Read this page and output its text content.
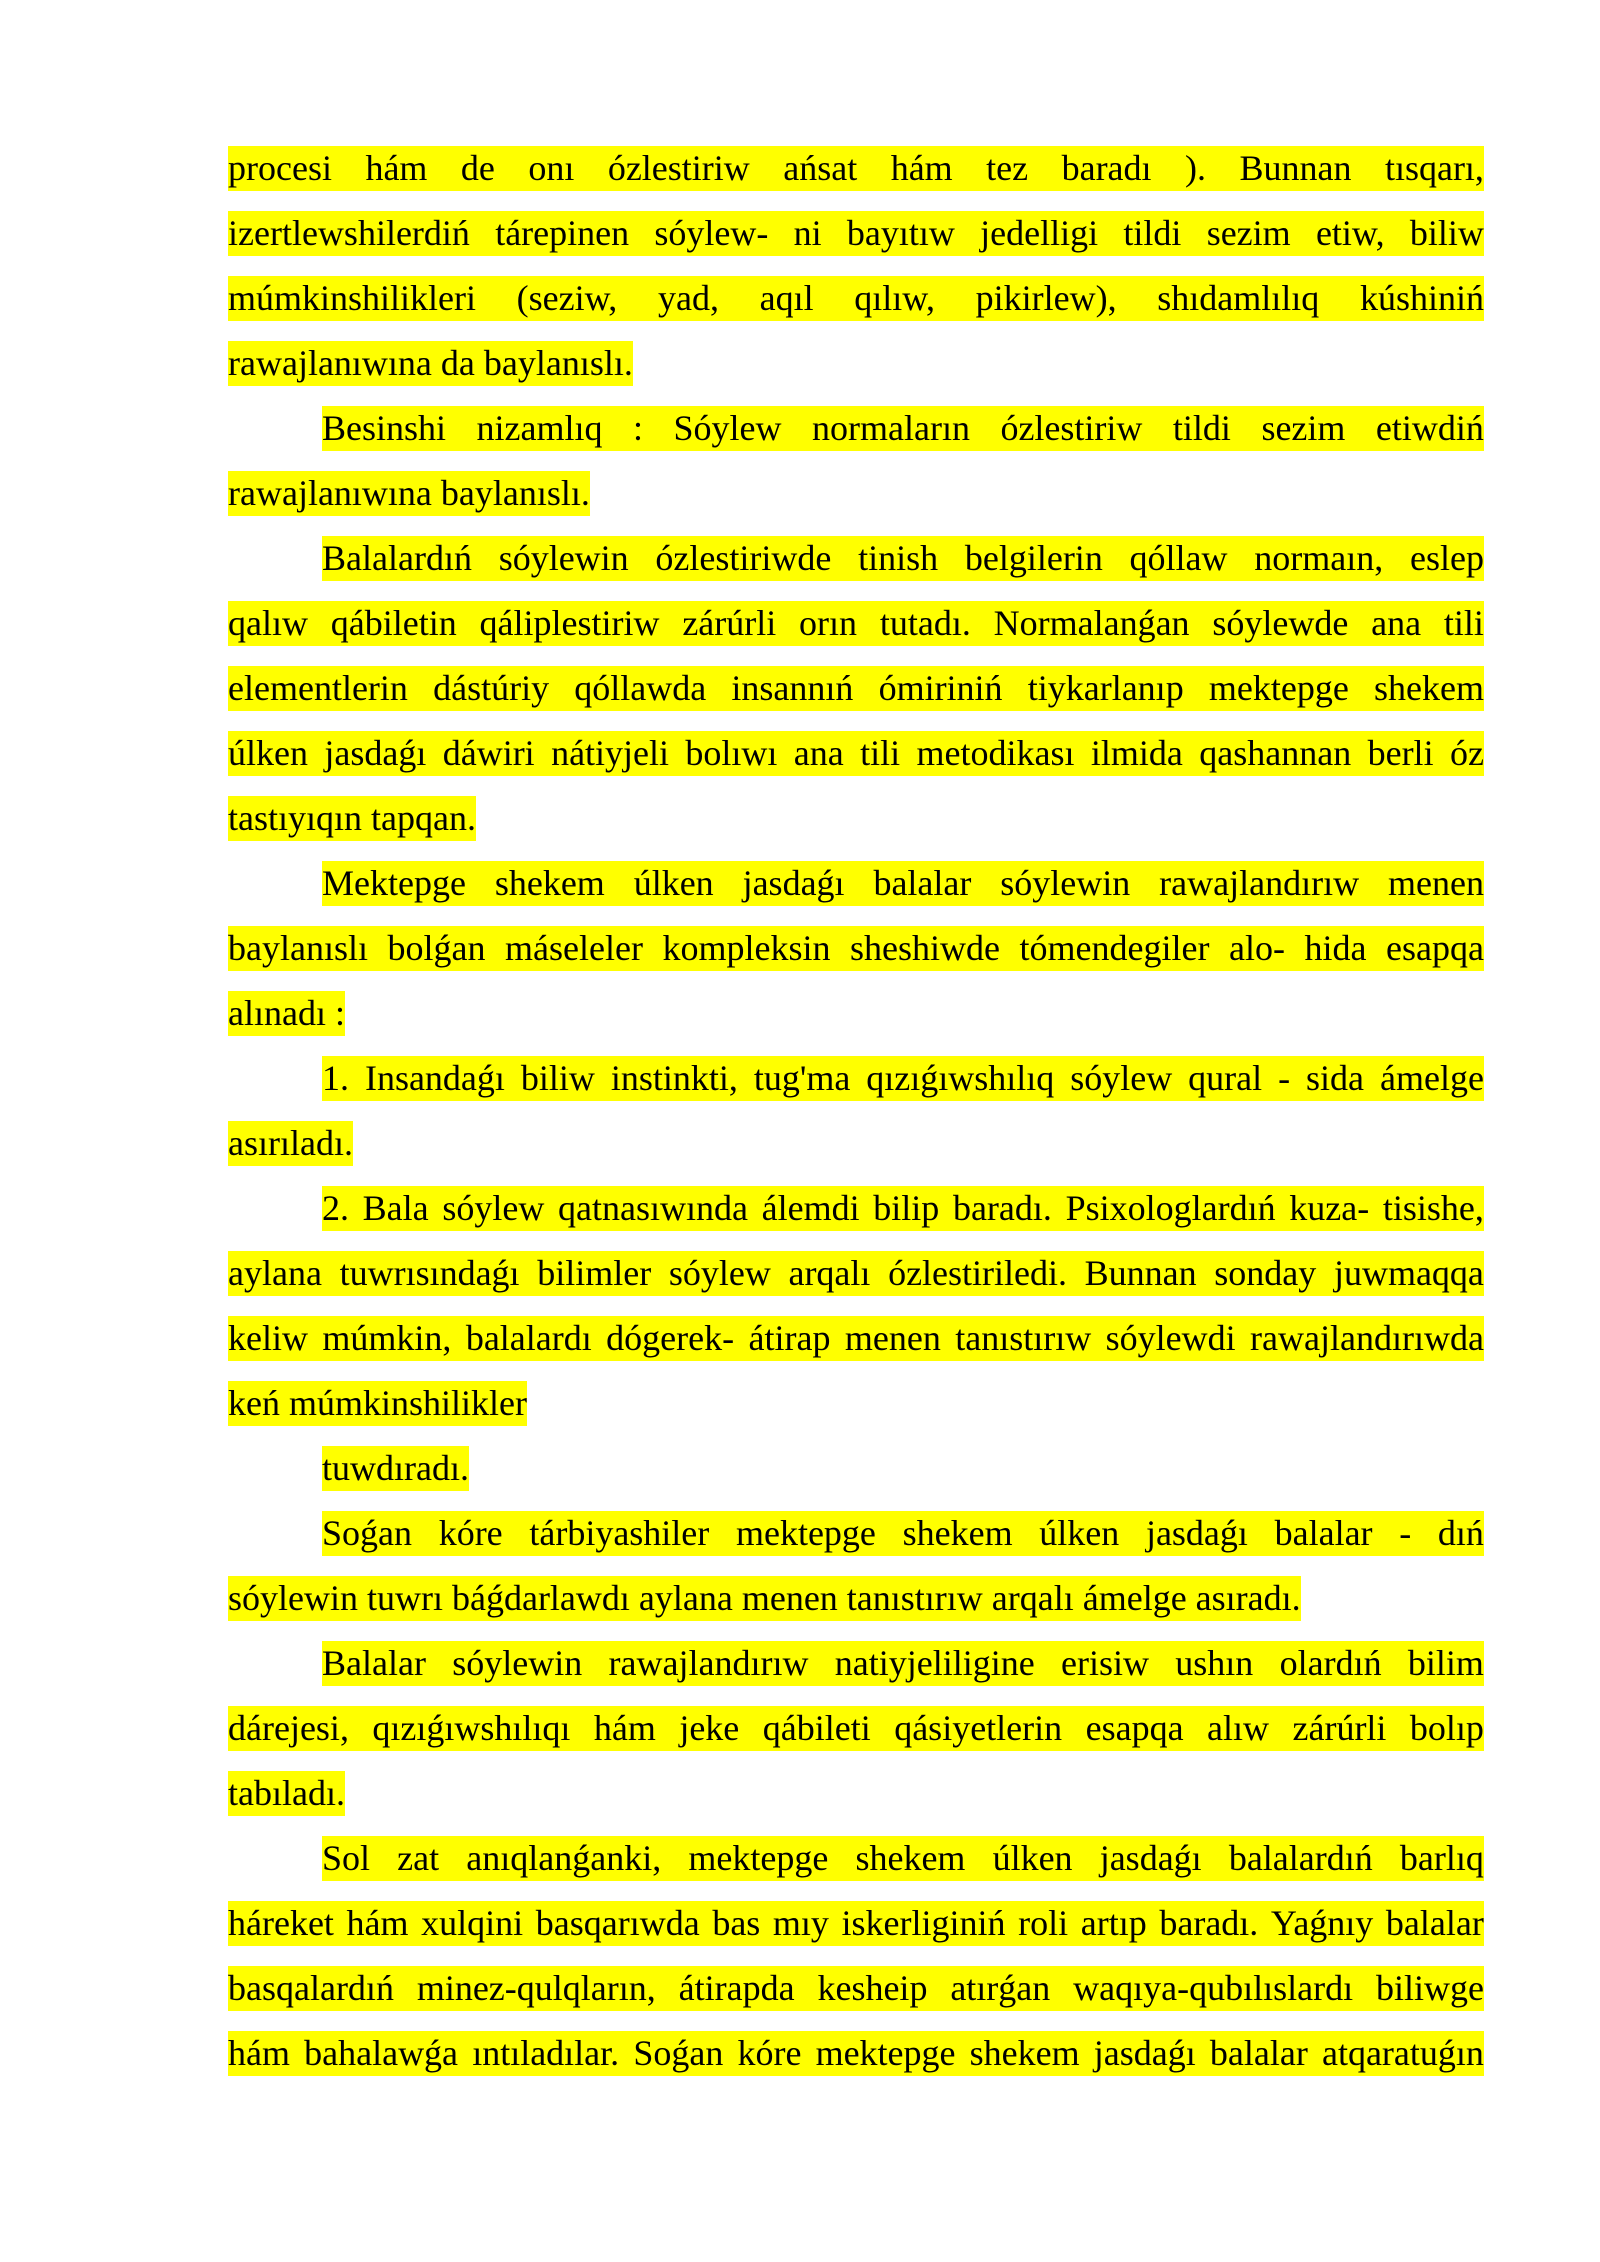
procesi hám de onı ózlestiriw ańsat hám tez baradı ). Bunnan tısqarı,
izertlewshilerdiń tárepinen sóylew- ni bayıtıw jedelligi tildi sezim etiw, biliw
múmkinshilikleri (seziw, yad, aqıl qılıw, pikirlew), shıdamlılıq kúshiniń
rawajlanıwına da baylanıslı.
Besinshi nizamlıq : Sóylew normaların ózlestiriw tildi sezim etiwdiń
rawajlanıwına baylanıslı.
Balalardıń sóylewin ózlestiriwde tinish belgilerin qóllaw normaın, eslep
qalıw qábiletin qáliplestiriw zárúrli orın tutadı. Normalanǵan sóylewde ana tili
elementlerin dástúriy qóllawda insannıń ómiriniń tiykarlanıp mektepge shekem
úlken jasdaǵı dáwiri nátiyjeli bolıwı ana tili metodikası ilmida qashannan berli óz
tastıyıqın tapqan.
Mektepge shekem úlken jasdaǵı balalar sóylewin rawajlandırıw menen
baylanıslı bolǵan máseleler kompleksin sheshiwde tómendegiler alo- hida esapqa
alınadı :
1. Insandaǵı biliw instinkti, tug'ma qızıǵıwshılıq sóylew qural - sida ámelge
asırıladı.
2. Bala sóylew qatnasıwında álemdi bilip baradı. Psixologlardıń kuza- tisishe,
aylana tuwrısındaǵı bilimler sóylew arqalı ózlestiriledi. Bunnan sonday juwmaqqa
keliw múmkin, balalardı dógerek- átirap menen tanıstırıw sóylewdi rawajlandırıwda
keń múmkinshilikler
tuwdıradı.
Soǵan kóre tárbiyashiler mektepge shekem úlken jasdaǵı balalar - dıń
sóylewin tuwrı báǵdarlawdı aylana menen tanıstırıw arqalı ámelge asıradı.
Balalar sóylewin rawajlandırıw natiyjeliligine erisiw ushın olardıń bilim
dárejesi, qızıǵıwshılıqı hám jeke qábileti qásiyetlerin esapqa alıw zárúrli bolıp
tabıladı.
Sol zat anıqlanǵanki, mektepge shekem úlken jasdaǵı balalardıń barlıq
háreket hám xulqini basqarıwda bas mıy iskerliginiń roli artıp baradı. Yaǵnıy balalar
basqalardıń minez-qulqların, átirapda kesheip atırǵan waqıya-qubılıslardı biliwge
hám bahalawǵa ıntıladılar. Soǵan kóre mektepge shekem jasdaǵı balalar atqaratuǵın
